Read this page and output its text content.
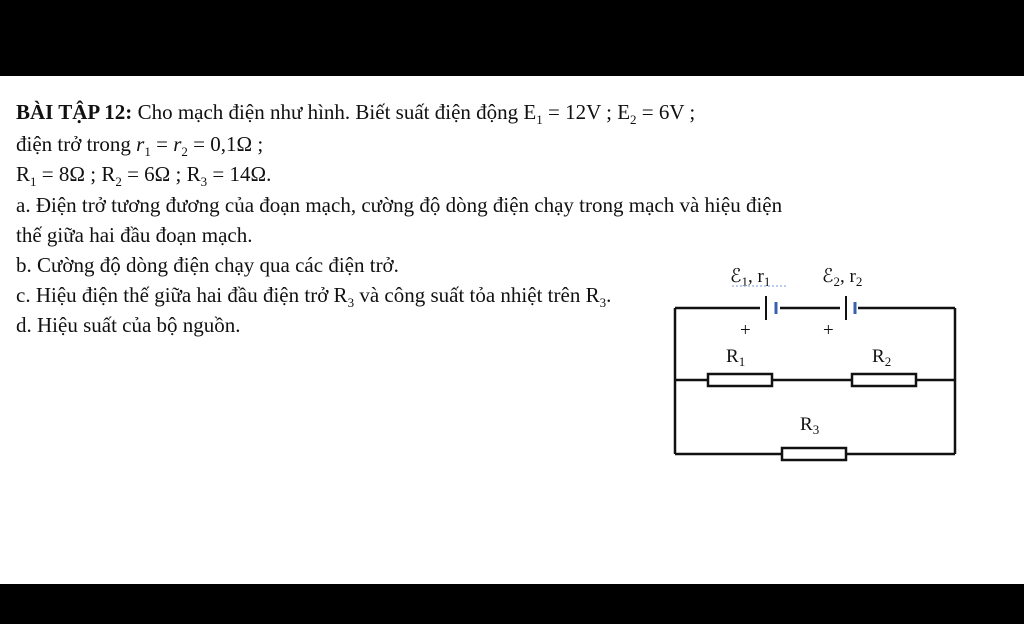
BÀI TẬP 12: Cho mạch điện như hình. Biết suất điện động $E_1 = 12V$ ; $E_2 = 6V$ ;
điện trở trong $r_1 = r_2 = 0,1\Omega$ ;
$R_1 = 8\Omega$ ; $R_2 = 6\Omega$ ; $R_3 = 14\Omega$.
a. Điện trở tương đương của đoạn mạch, cường độ dòng điện chạy trong mạch và hiệu điện
thế giữa hai đầu đoạn mạch.
b. Cường độ dòng điện chạy qua các điện trở.
c. Hiệu điện thế giữa hai đầu điện trở $R_3$ và công suất tỏa nhiệt trên $R_3$.
d. Hiệu suất của bộ nguồn.
ℰ$_1$, $r_1$	ℰ$_2$, $r_2$
+	+
$R_1$	$R_2$
$R_3$
